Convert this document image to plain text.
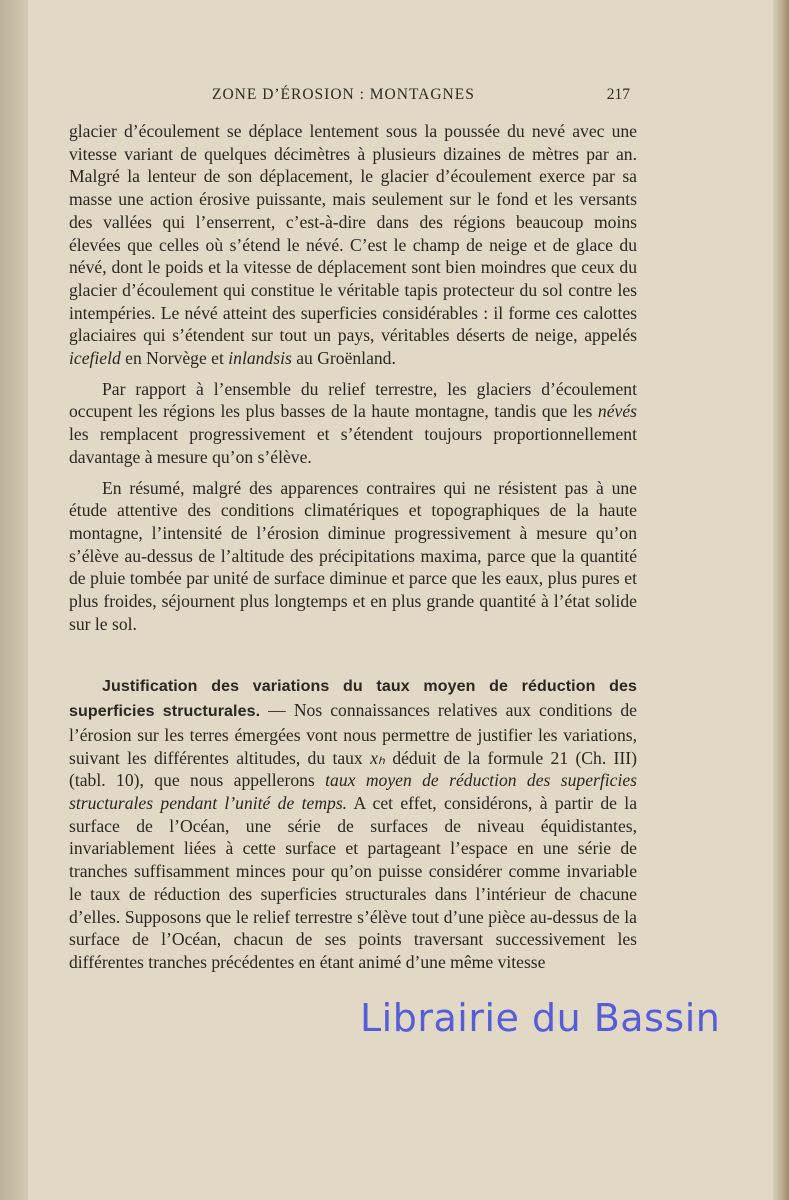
ZONE D’ÉROSION : MONTAGNES	217

glacier d’écoulement se déplace lentement sous la poussée du nevé avec une vitesse variant de quelques décimètres à plusieurs dizaines de mètres par an. Malgré la lenteur de son déplacement, le glacier d’écoulement exerce par sa masse une action érosive puissante, mais seulement sur le fond et les versants des vallées qui l’enserrent, c’est-à-dire dans des régions beaucoup moins élevées que celles où s’étend le névé. C’est le champ de neige et de glace du névé, dont le poids et la vitesse de déplacement sont bien moindres que ceux du glacier d’écoulement qui constitue le véritable tapis protecteur du sol contre les intempéries. Le névé atteint des superficies considérables : il forme ces calottes glaciaires qui s’étendent sur tout un pays, véritables déserts de neige, appelés icefield en Norvège et inlandsis au Groënland.

Par rapport à l’ensemble du relief terrestre, les glaciers d’écoulement occupent les régions les plus basses de la haute montagne, tandis que les névés les remplacent progressivement et s’étendent toujours proportionnellement davantage à mesure qu’on s’élève.

En résumé, malgré des apparences contraires qui ne résistent pas à une étude attentive des conditions climatériques et topographiques de la haute montagne, l’intensité de l’érosion diminue progressivement à mesure qu’on s’élève au-dessus de l’altitude des précipitations maxima, parce que la quantité de pluie tombée par unité de surface diminue et parce que les eaux, plus pures et plus froides, séjournent plus longtemps et en plus grande quantité à l’état solide sur le sol.

Justification des variations du taux moyen de réduction des superficies structurales. — Nos connaissances relatives aux conditions de l’érosion sur les terres émergées vont nous permettre de justifier les variations, suivant les différentes altitudes, du taux xₕ déduit de la formule 21 (Ch. III) (tabl. 10), que nous appellerons taux moyen de réduction des superficies structurales pendant l’unité de temps. A cet effet, considérons, à partir de la surface de l’Océan, une série de surfaces de niveau équidistantes, invariablement liées à cette surface et partageant l’espace en une série de tranches suffisamment minces pour qu’on puisse considérer comme invariable le taux de réduction des superficies structurales dans l’intérieur de chacune d’elles. Supposons que le relief terrestre s’élève tout d’une pièce au-dessus de la surface de l’Océan, chacun de ses points traversant successivement les différentes tranches précédentes en étant animé d’une même vitesse

Librairie du Bassin
